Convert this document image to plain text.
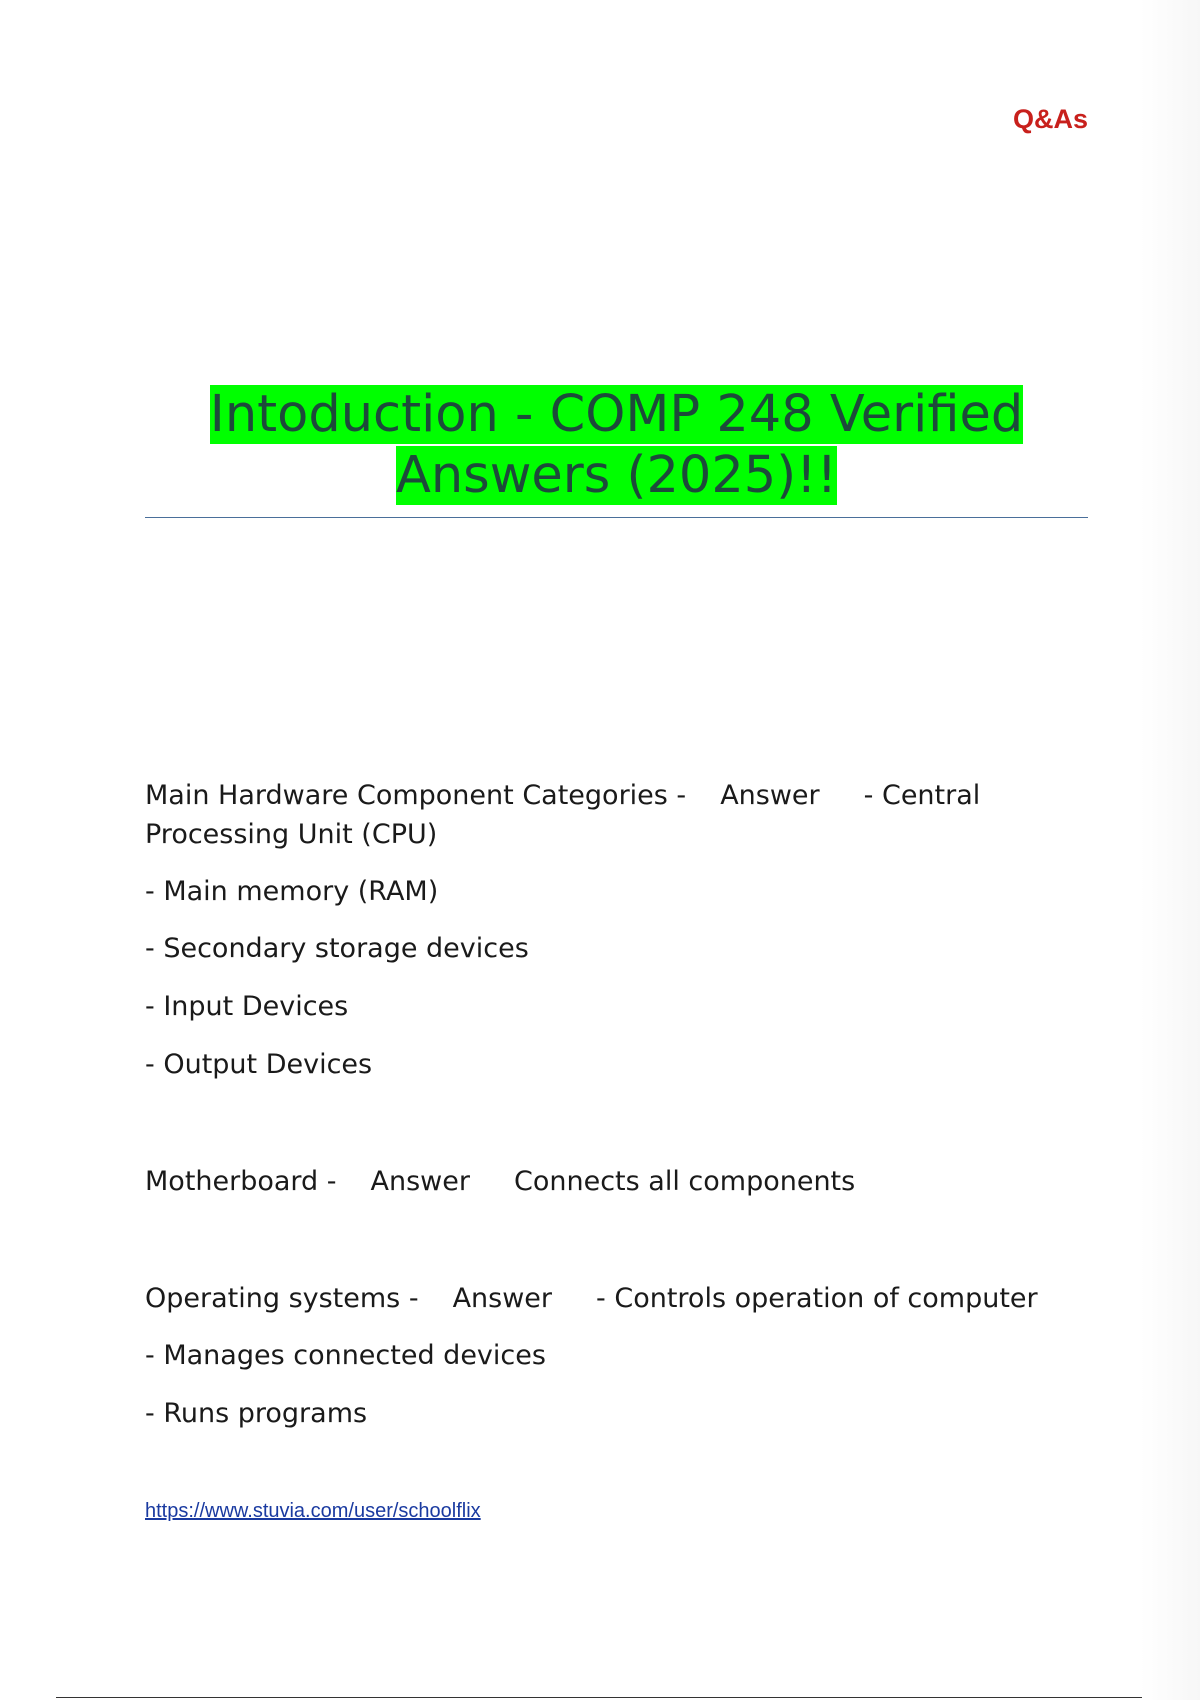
Q&As
Intoduction - COMP 248 Verified
Answers (2025)!!
Main Hardware Component Categories - Answer - Central
Processing Unit (CPU)
- Main memory (RAM)
- Secondary storage devices
- Input Devices
- Output Devices
Motherboard - Answer Connects all components
Operating systems - Answer - Controls operation of computer
- Manages connected devices
- Runs programs
https://www.stuvia.com/user/schoolflix
